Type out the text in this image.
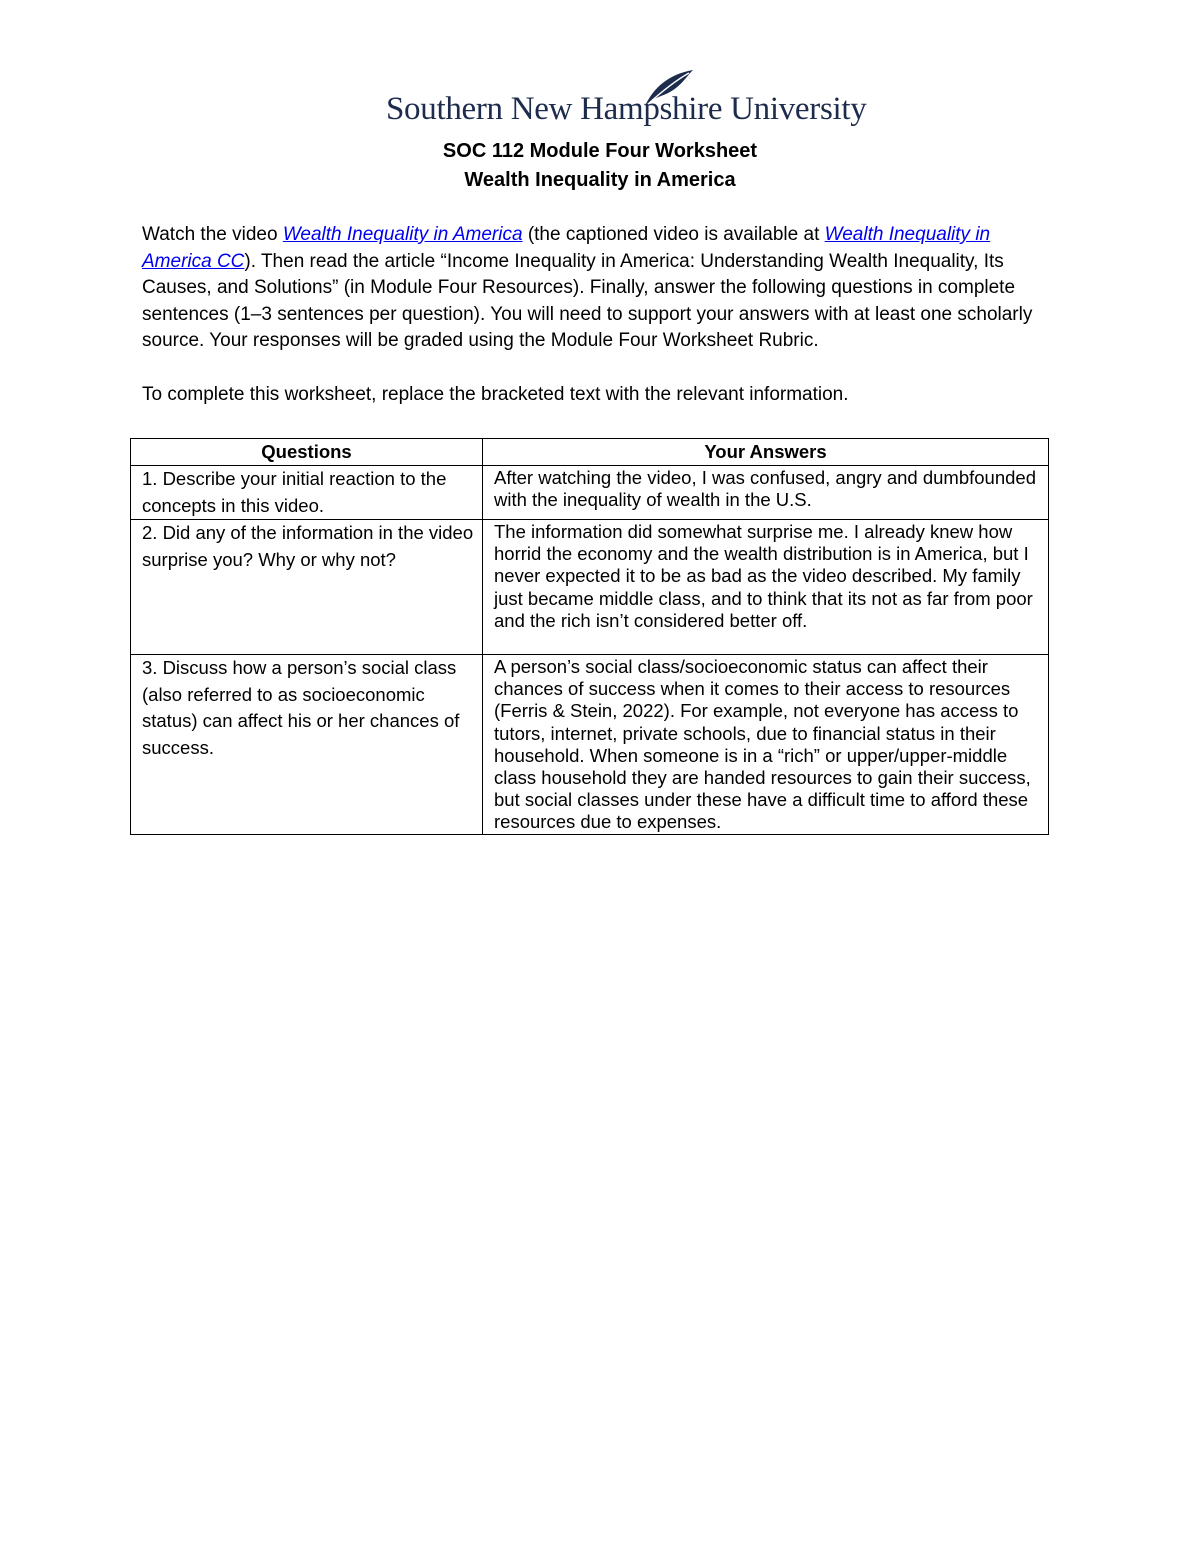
Southern New Hampshire University
SOC 112 Module Four Worksheet
Wealth Inequality in America
Watch the video Wealth Inequality in America (the captioned video is available at Wealth Inequality in America CC). Then read the article “Income Inequality in America: Understanding Wealth Inequality, Its Causes, and Solutions” (in Module Four Resources). Finally, answer the following questions in complete sentences (1–3 sentences per question). You will need to support your answers with at least one scholarly source. Your responses will be graded using the Module Four Worksheet Rubric.
To complete this worksheet, replace the bracketed text with the relevant information.
Questions	Your Answers
1. Describe your initial reaction to the concepts in this video.	After watching the video, I was confused, angry and dumbfounded with the inequality of wealth in the U.S.
2. Did any of the information in the video surprise you? Why or why not?	The information did somewhat surprise me. I already knew how horrid the economy and the wealth distribution is in America, but I never expected it to be as bad as the video described. My family just became middle class, and to think that its not as far from poor and the rich isn’t considered better off.
3. Discuss how a person’s social class (also referred to as socioeconomic status) can affect his or her chances of success.	A person’s social class/socioeconomic status can affect their chances of success when it comes to their access to resources (Ferris & Stein, 2022). For example, not everyone has access to tutors, internet, private schools, due to financial status in their household. When someone is in a “rich” or upper/upper-middle class household they are handed resources to gain their success, but social classes under these have a difficult time to afford these resources due to expenses.
